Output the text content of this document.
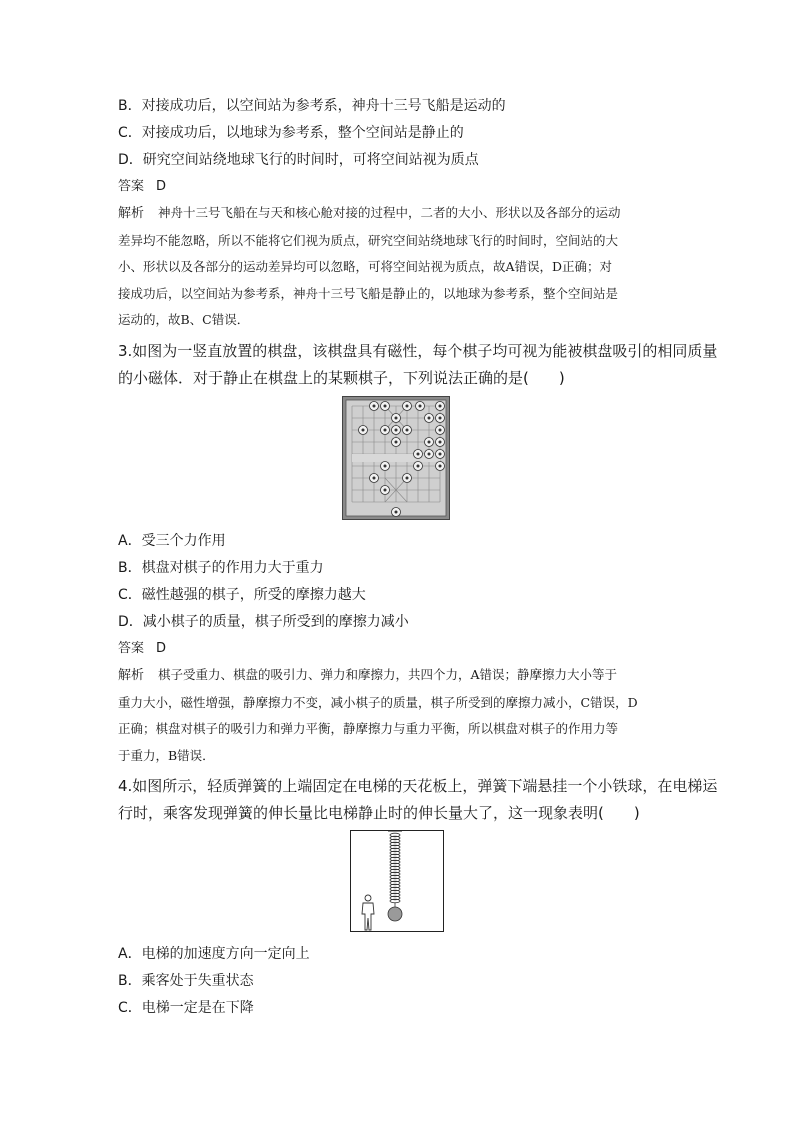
B．对接成功后，以空间站为参考系，神舟十三号飞船是运动的
C．对接成功后，以地球为参考系，整个空间站是静止的
D．研究空间站绕地球飞行的时间时，可将空间站视为质点
答案 D

解析 神舟十三号飞船在与天和核心舱对接的过程中，二者的大小、形状以及各部分的运动

差异均不能忽略，所以不能将它们视为质点，研究空间站绕地球飞行的时间时，空间站的大

小、形状以及各部分的运动差异均可以忽略，可将空间站视为质点，故A错误，D正确；对

接成功后，以空间站为参考系，神舟十三号飞船是静止的，以地球为参考系，整个空间站是

运动的，故B、C错误．

3.如图为一竖直放置的棋盘，该棋盘具有磁性，每个棋子均可视为能被棋盘吸引的相同质量
的小磁体．对于静止在棋盘上的某颗棋子，下列说法正确的是(　　)
A．受三个力作用
B．棋盘对棋子的作用力大于重力
C．磁性越强的棋子，所受的摩擦力越大
D．减小棋子的质量，棋子所受到的摩擦力减小
答案 D

解析 棋子受重力、棋盘的吸引力、弹力和摩擦力，共四个力，A错误；静摩擦力大小等于

重力大小，磁性增强，静摩擦力不变，减小棋子的质量，棋子所受到的摩擦力减小，C错误，D

正确；棋盘对棋子的吸引力和弹力平衡，静摩擦力与重力平衡，所以棋盘对棋子的作用力等

于重力，B错误．

4.如图所示，轻质弹簧的上端固定在电梯的天花板上，弹簧下端悬挂一个小铁球，在电梯运
行时，乘客发现弹簧的伸长量比电梯静止时的伸长量大了，这一现象表明(　　)
A．电梯的加速度方向一定向上
B．乘客处于失重状态
C．电梯一定是在下降
